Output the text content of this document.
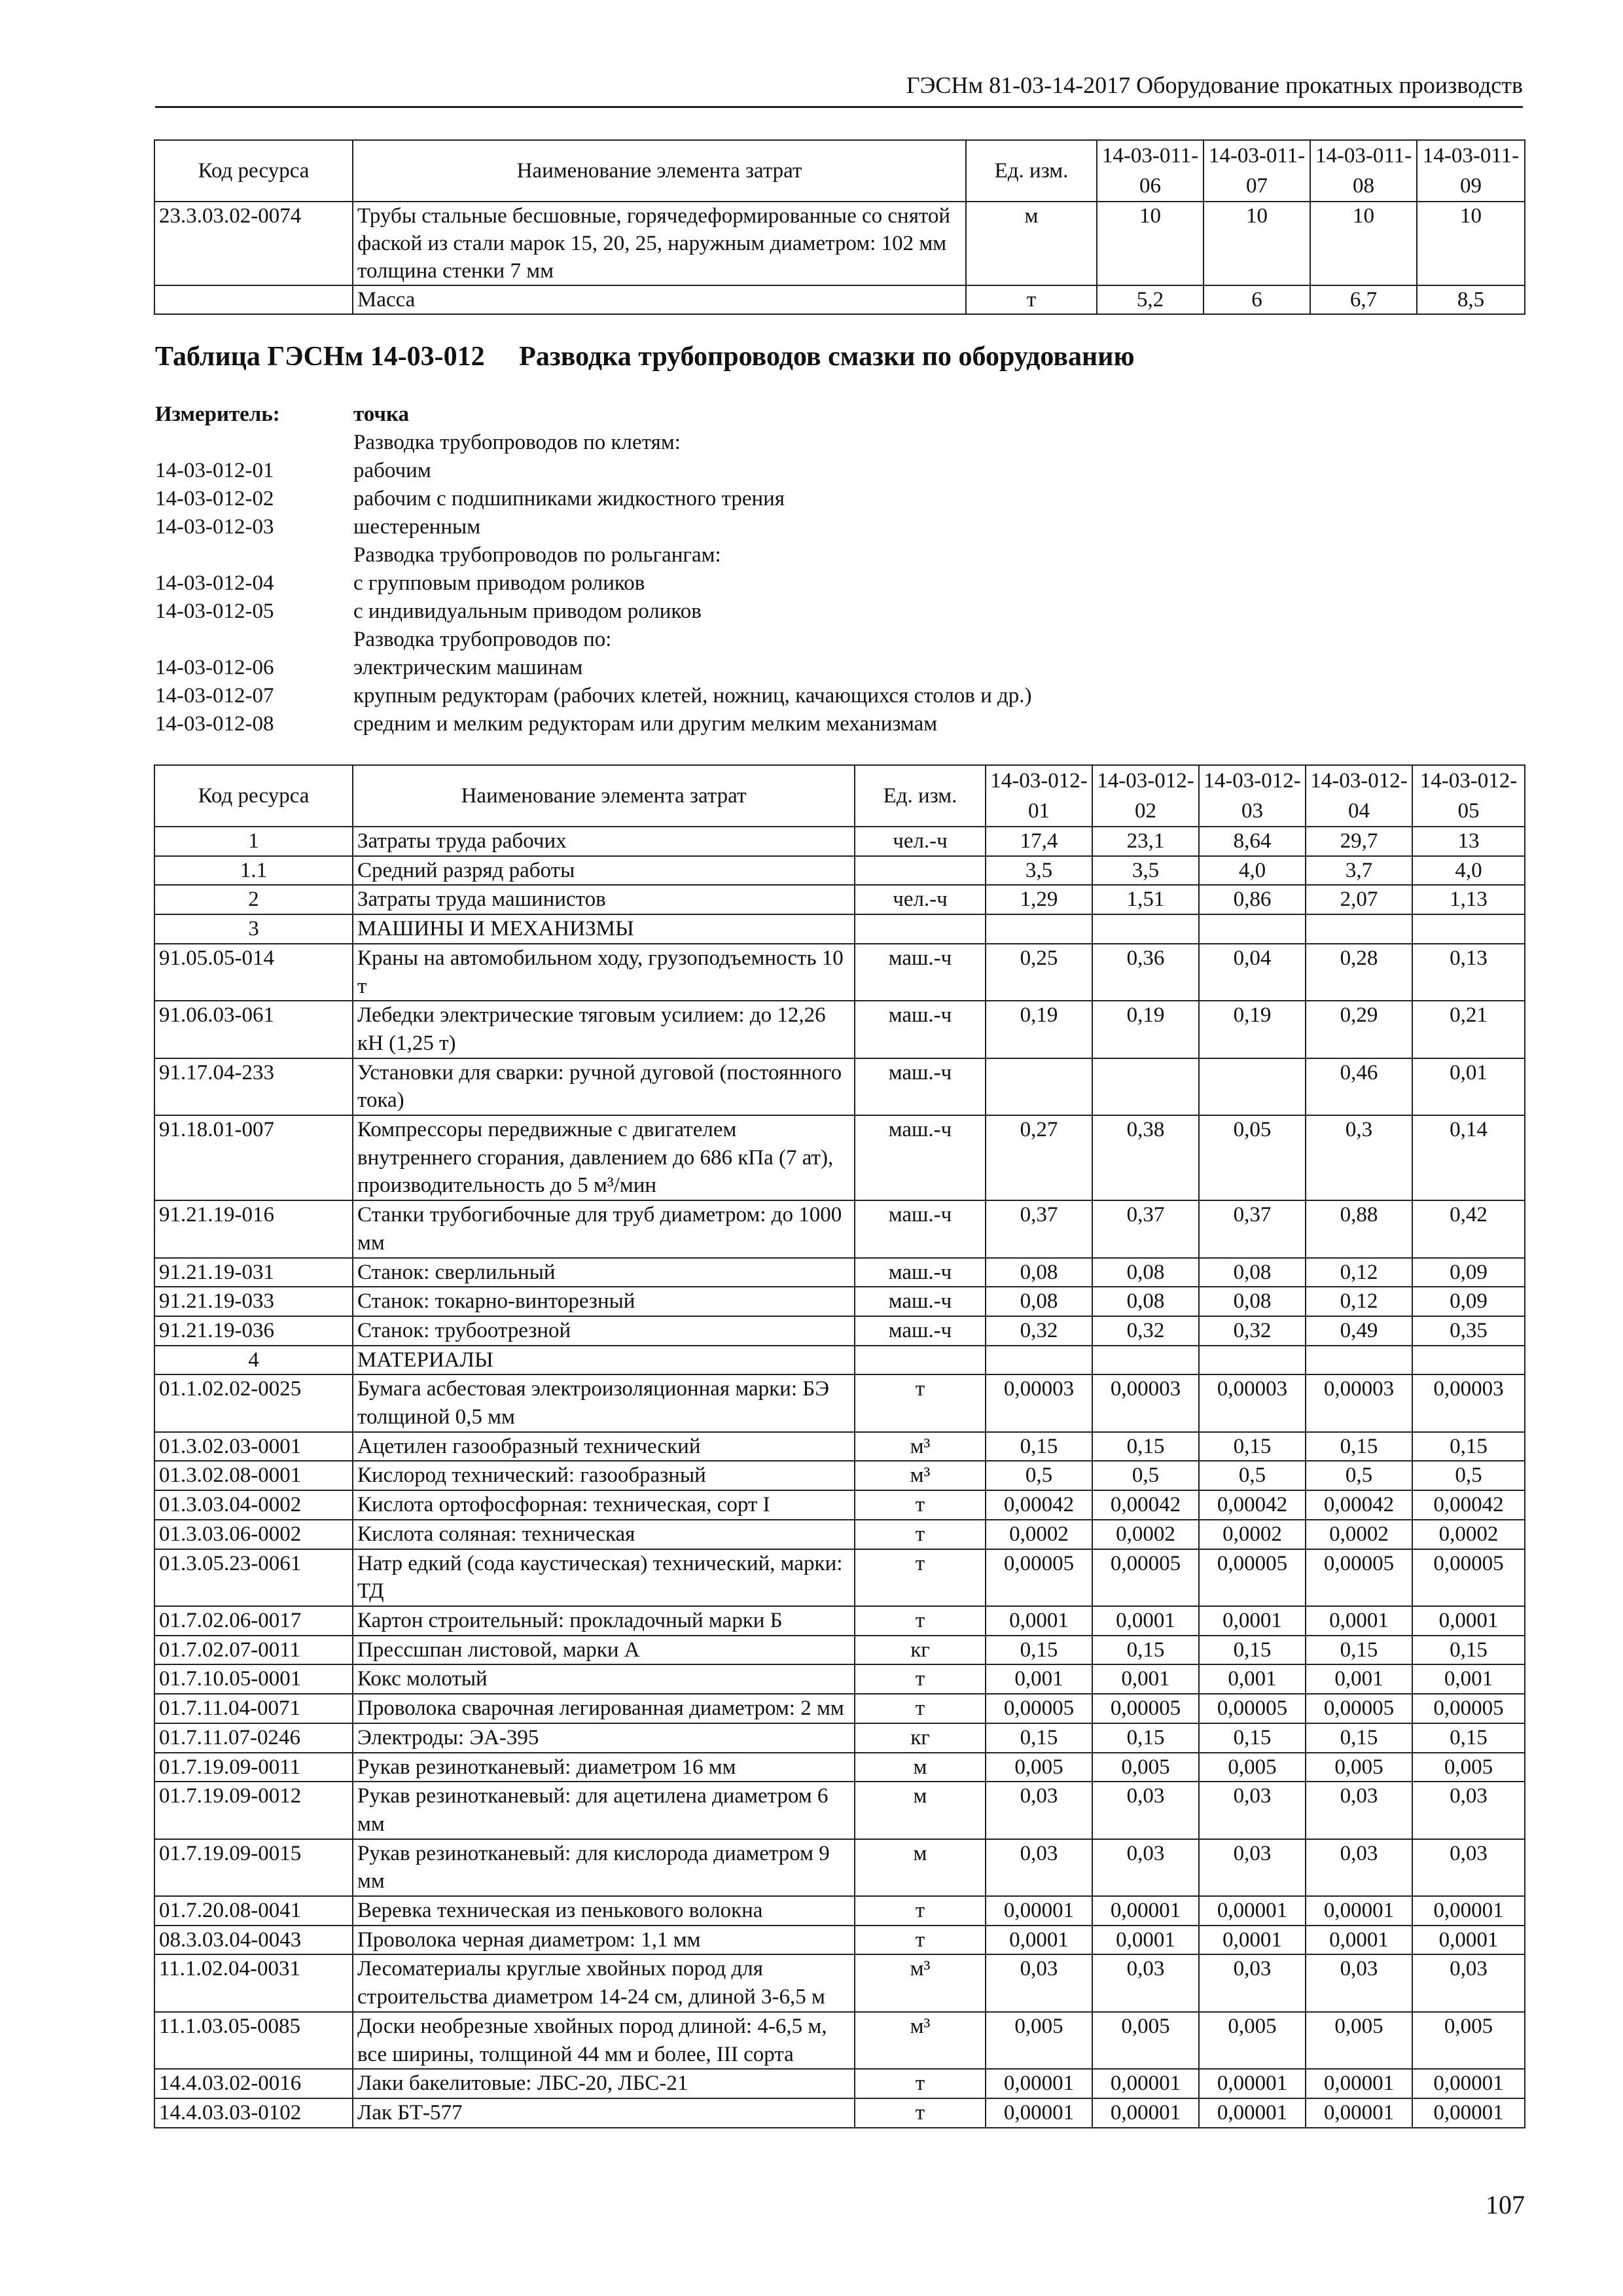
ГЭСНм 81-03-14-2017 Оборудование прокатных производств
Код ресурса	Наименование элемента затрат	Ед. изм.	14-03-011-06	14-03-011-07	14-03-011-08	14-03-011-09
23.3.03.02-0074	Трубы стальные бесшовные, горячедеформированные со снятой фаской из стали марок 15, 20, 25, наружным диаметром: 102 мм толщина стенки 7 мм	м	10	10	10	10
	Масса	т	5,2	6	6,7	8,5
Таблица ГЭСНм 14-03-012 Разводка трубопроводов смазки по оборудованию
Измеритель:	точка
Разводка трубопроводов по клетям:
14-03-012-01	рабочим
14-03-012-02	рабочим с подшипниками жидкостного трения
14-03-012-03	шестеренным
Разводка трубопроводов по рольгангам:
14-03-012-04	с групповым приводом роликов
14-03-012-05	с индивидуальным приводом роликов
Разводка трубопроводов по:
14-03-012-06	электрическим машинам
14-03-012-07	крупным редукторам (рабочих клетей, ножниц, качающихся столов и др.)
14-03-012-08	средним и мелким редукторам или другим мелким механизмам
Код ресурса	Наименование элемента затрат	Ед. изм.	14-03-012-01	14-03-012-02	14-03-012-03	14-03-012-04	14-03-012-05
1	Затраты труда рабочих	чел.-ч	17,4	23,1	8,64	29,7	13
1.1	Средний разряд работы		3,5	3,5	4,0	3,7	4,0
2	Затраты труда машинистов	чел.-ч	1,29	1,51	0,86	2,07	1,13
3	МАШИНЫ И МЕХАНИЗМЫ						
91.05.05-014	Краны на автомобильном ходу, грузоподъемность 10 т	маш.-ч	0,25	0,36	0,04	0,28	0,13
91.06.03-061	Лебедки электрические тяговым усилием: до 12,26 кН (1,25 т)	маш.-ч	0,19	0,19	0,19	0,29	0,21
91.17.04-233	Установки для сварки: ручной дуговой (постоянного тока)	маш.-ч				0,46	0,01
91.18.01-007	Компрессоры передвижные с двигателем внутреннего сгорания, давлением до 686 кПа (7 ат), производительность до 5 м³/мин	маш.-ч	0,27	0,38	0,05	0,3	0,14
91.21.19-016	Станки трубогибочные для труб диаметром: до 1000 мм	маш.-ч	0,37	0,37	0,37	0,88	0,42
91.21.19-031	Станок: сверлильный	маш.-ч	0,08	0,08	0,08	0,12	0,09
91.21.19-033	Станок: токарно-винторезный	маш.-ч	0,08	0,08	0,08	0,12	0,09
91.21.19-036	Станок: трубоотрезной	маш.-ч	0,32	0,32	0,32	0,49	0,35
4	МАТЕРИАЛЫ						
01.1.02.02-0025	Бумага асбестовая электроизоляционная марки: БЭ толщиной 0,5 мм	т	0,00003	0,00003	0,00003	0,00003	0,00003
01.3.02.03-0001	Ацетилен газообразный технический	м³	0,15	0,15	0,15	0,15	0,15
01.3.02.08-0001	Кислород технический: газообразный	м³	0,5	0,5	0,5	0,5	0,5
01.3.03.04-0002	Кислота ортофосфорная: техническая, сорт I	т	0,00042	0,00042	0,00042	0,00042	0,00042
01.3.03.06-0002	Кислота соляная: техническая	т	0,0002	0,0002	0,0002	0,0002	0,0002
01.3.05.23-0061	Натр едкий (сода каустическая) технический, марки: ТД	т	0,00005	0,00005	0,00005	0,00005	0,00005
01.7.02.06-0017	Картон строительный: прокладочный марки Б	т	0,0001	0,0001	0,0001	0,0001	0,0001
01.7.02.07-0011	Прессшпан листовой, марки А	кг	0,15	0,15	0,15	0,15	0,15
01.7.10.05-0001	Кокс молотый	т	0,001	0,001	0,001	0,001	0,001
01.7.11.04-0071	Проволока сварочная легированная диаметром: 2 мм	т	0,00005	0,00005	0,00005	0,00005	0,00005
01.7.11.07-0246	Электроды: ЭА-395	кг	0,15	0,15	0,15	0,15	0,15
01.7.19.09-0011	Рукав резинотканевый: диаметром 16 мм	м	0,005	0,005	0,005	0,005	0,005
01.7.19.09-0012	Рукав резинотканевый: для ацетилена диаметром 6 мм	м	0,03	0,03	0,03	0,03	0,03
01.7.19.09-0015	Рукав резинотканевый: для кислорода диаметром 9 мм	м	0,03	0,03	0,03	0,03	0,03
01.7.20.08-0041	Веревка техническая из пенькового волокна	т	0,00001	0,00001	0,00001	0,00001	0,00001
08.3.03.04-0043	Проволока черная диаметром: 1,1 мм	т	0,0001	0,0001	0,0001	0,0001	0,0001
11.1.02.04-0031	Лесоматериалы круглые хвойных пород для строительства диаметром 14-24 см, длиной 3-6,5 м	м³	0,03	0,03	0,03	0,03	0,03
11.1.03.05-0085	Доски необрезные хвойных пород длиной: 4-6,5 м, все ширины, толщиной 44 мм и более, III сорта	м³	0,005	0,005	0,005	0,005	0,005
14.4.03.02-0016	Лаки бакелитовые: ЛБС-20, ЛБС-21	т	0,00001	0,00001	0,00001	0,00001	0,00001
14.4.03.03-0102	Лак БТ-577	т	0,00001	0,00001	0,00001	0,00001	0,00001
107
